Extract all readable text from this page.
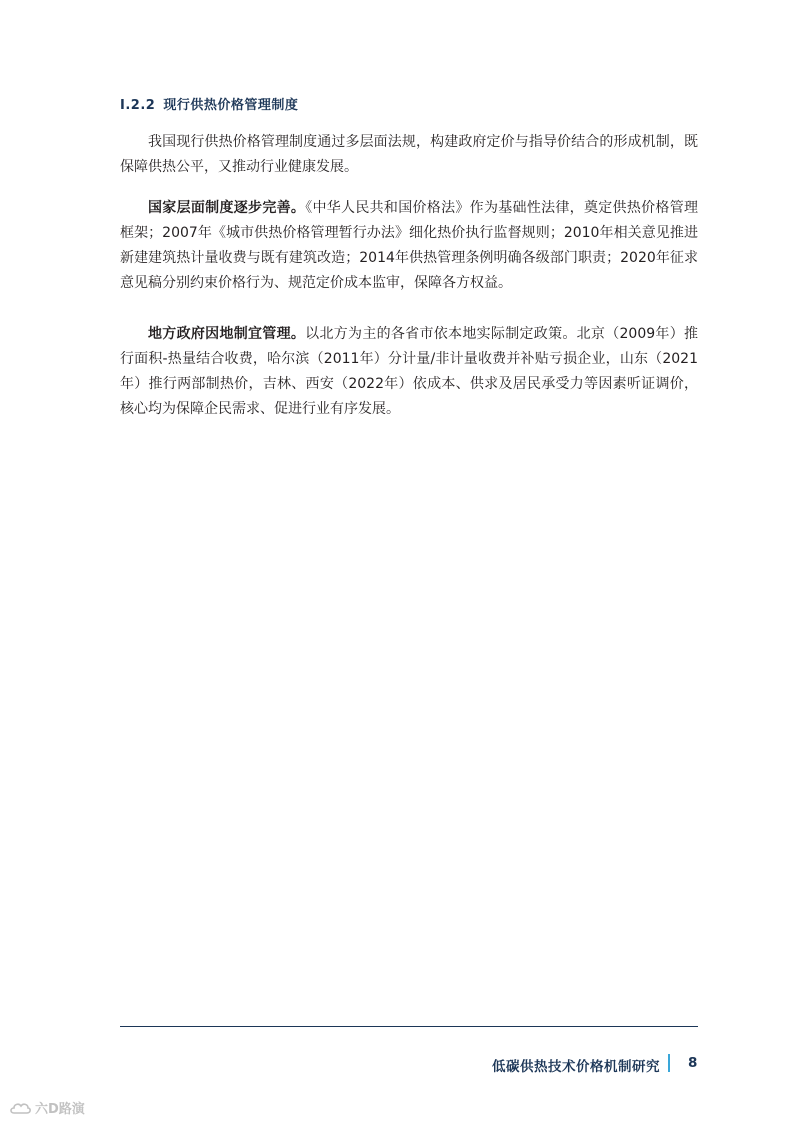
I.2.2 现行供热价格管理制度

我国现行供热价格管理制度通过多层面法规，构建政府定价与指导价结合的形成机制，既保障供热公平，又推动行业健康发展。

国家层面制度逐步完善。《中华人民共和国价格法》作为基础性法律，奠定供热价格管理框架；2007年《城市供热价格管理暂行办法》细化热价执行监督规则；2010年相关意见推进新建建筑热计量收费与既有建筑改造；2014年供热管理条例明确各级部门职责；2020年征求意见稿分别约束价格行为、规范定价成本监审，保障各方权益。

地方政府因地制宜管理。以北方为主的各省市依本地实际制定政策。北京（2009年）推行面积-热量结合收费，哈尔滨（2011年）分计量/非计量收费并补贴亏损企业，山东（2021年）推行两部制热价，吉林、西安（2022年）依成本、供求及居民承受力等因素听证调价，核心均为保障企民需求、促进行业有序发展。

低碳供热技术价格机制研究 8
六D路演
